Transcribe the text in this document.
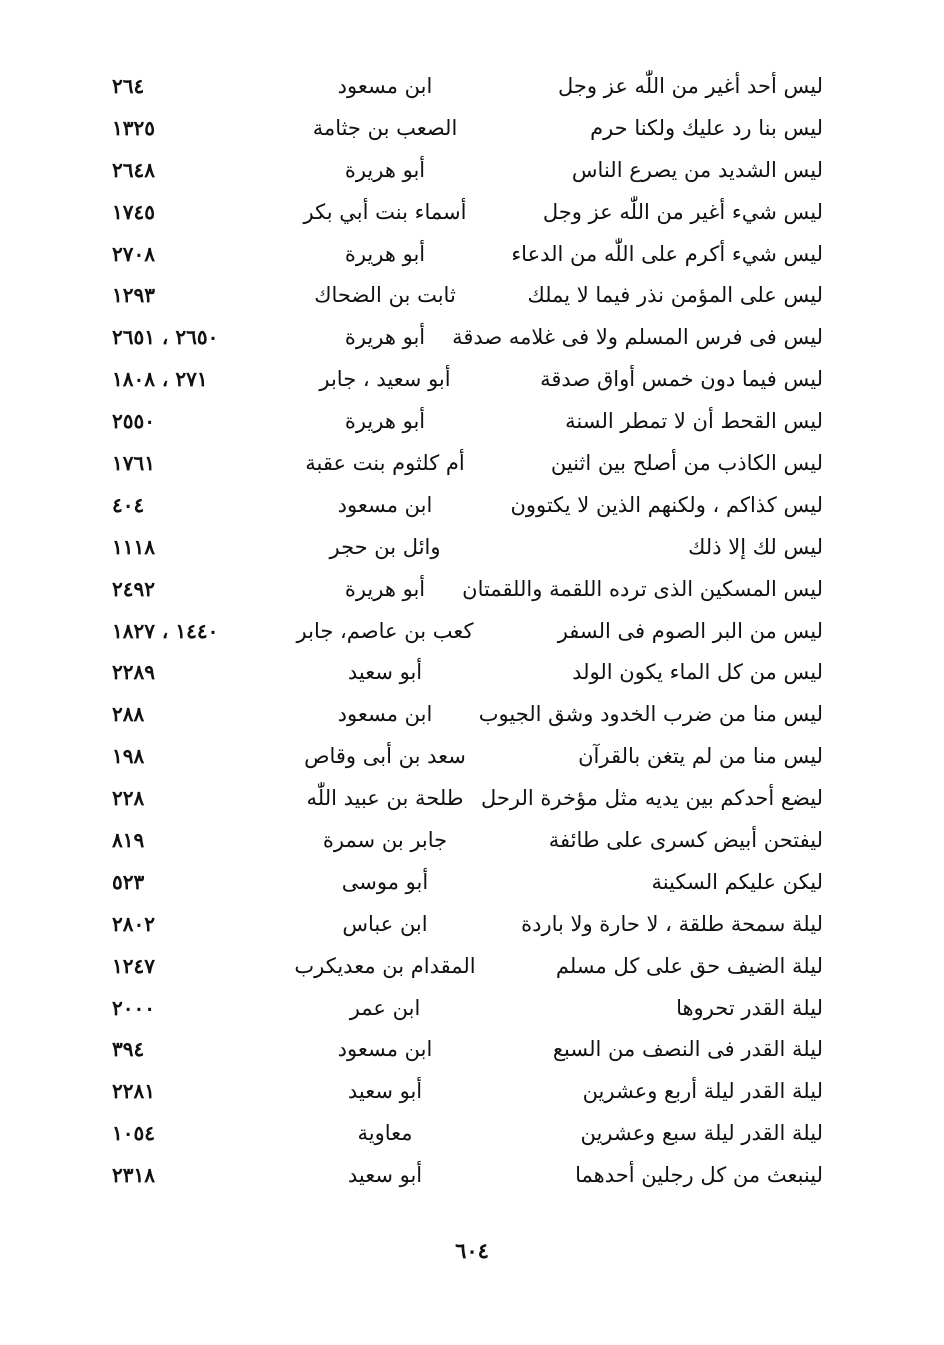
ليس أحد أغير من اللّٰه عز وجل
ابن مسعود
٢٦٤
ليس بنا رد عليك ولكنا حرم
الصعب بن جثامة
١٣٢٥
ليس الشديد من يصرع الناس
أبو هريرة
٢٦٤٨
ليس شيء أغير من اللّٰه عز وجل
أسماء بنت أبي بكر
١٧٤٥
ليس شيء أكرم على اللّٰه من الدعاء
أبو هريرة
٢٧٠٨
ليس على المؤمن نذر فيما لا يملك
ثابت بن الضحاك
١٢٩٣
ليس فى فرس المسلم ولا فى غلامه صدقة
أبو هريرة
٢٦٥٠ ، ٢٦٥١
ليس فيما دون خمس أواق صدقة
أبو سعيد ، جابر
٢٧١ ، ١٨٠٨
ليس القحط أن لا تمطر السنة
أبو هريرة
٢٥٥٠
ليس الكاذب من أصلح بين اثنين
أم كلثوم بنت عقبة
١٧٦١
ليس كذاكم ، ولكنهم الذين لا يكتوون
ابن مسعود
٤٠٤
ليس لك إلا ذلك
وائل بن حجر
١١١٨
ليس المسكين الذى ترده اللقمة واللقمتان
أبو هريرة
٢٤٩٢
ليس من البر الصوم فى السفر
كعب بن عاصم، جابر
١٤٤٠ ، ١٨٢٧
ليس من كل الماء يكون الولد
أبو سعيد
٢٢٨٩
ليس منا من ضرب الخدود وشق الجيوب
ابن مسعود
٢٨٨
ليس منا من لم يتغن بالقرآن
سعد بن أبى وقاص
١٩٨
ليضع أحدكم بين يديه مثل مؤخرة الرحل
طلحة بن عبيد اللّٰه
٢٢٨
ليفتحن أبيض كسرى على طائفة
جابر بن سمرة
٨١٩
ليكن عليكم السكينة
أبو موسى
٥٢٣
ليلة سمحة طلقة ، لا حارة ولا باردة
ابن عباس
٢٨٠٢
ليلة الضيف حق على كل مسلم
المقدام بن معديكرب
١٢٤٧
ليلة القدر تحروها
ابن عمر
٢٠٠٠
ليلة القدر فى النصف من السبع
ابن مسعود
٣٩٤
ليلة القدر ليلة أربع وعشرين
أبو سعيد
٢٢٨١
ليلة القدر ليلة سبع وعشرين
معاوية
١٠٥٤
لينبعث من كل رجلين أحدهما
أبو سعيد
٢٣١٨
٦٠٤
